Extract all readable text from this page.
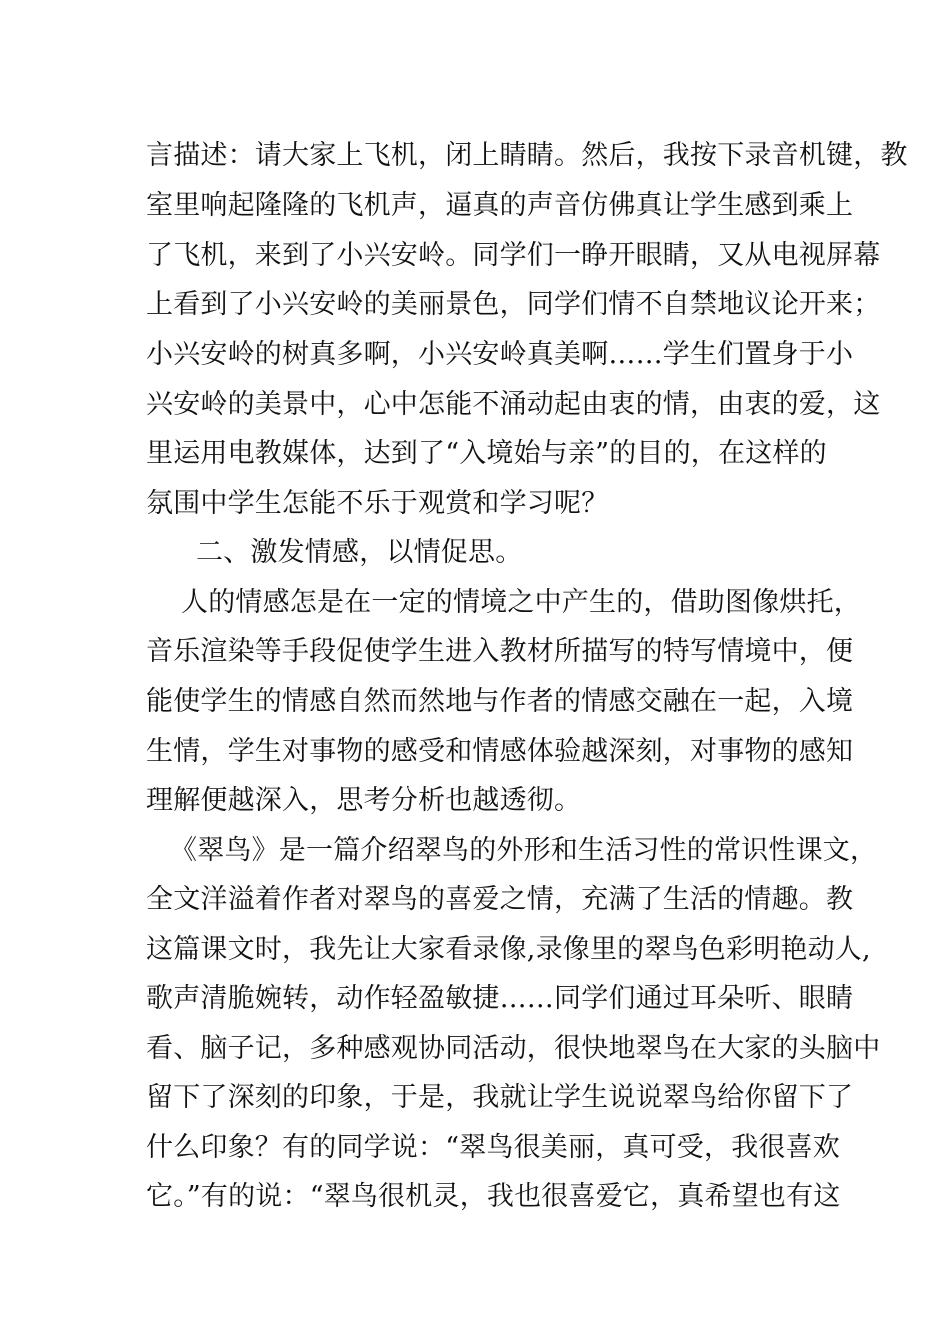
言描述：请大家上飞机，闭上睛睛。然后，我按下录音机键，教
室里响起隆隆的飞机声，逼真的声音仿佛真让学生感到乘上
了飞机，来到了小兴安岭。同学们一睁开眼睛，又从电视屏幕
上看到了小兴安岭的美丽景色，同学们情不自禁地议论开来；
小兴安岭的树真多啊，小兴安岭真美啊……学生们置身于小
兴安岭的美景中，心中怎能不涌动起由衷的情，由衷的爱，这
里运用电教媒体，达到了“入境始与亲”的目的，在这样的
氛围中学生怎能不乐于观赏和学习呢？
二、激发情感，以情促思。
人的情感怎是在一定的情境之中产生的，借助图像烘托，
音乐渲染等手段促使学生进入教材所描写的特写情境中，便
能使学生的情感自然而然地与作者的情感交融在一起，入境
生情，学生对事物的感受和情感体验越深刻，对事物的感知
理解便越深入，思考分析也越透彻。
《翠鸟》是一篇介绍翠鸟的外形和生活习性的常识性课文，
全文洋溢着作者对翠鸟的喜爱之情，充满了生活的情趣。教
这篇课文时，我先让大家看录像,录像里的翠鸟色彩明艳动人,
歌声清脆婉转，动作轻盈敏捷……同学们通过耳朵听、眼睛
看、脑子记，多种感观协同活动，很快地翠鸟在大家的头脑中
留下了深刻的印象，于是，我就让学生说说翠鸟给你留下了
什么印象？有的同学说：“翠鸟很美丽，真可受，我很喜欢
它。”有的说：“翠鸟很机灵，我也很喜爱它，真希望也有这
